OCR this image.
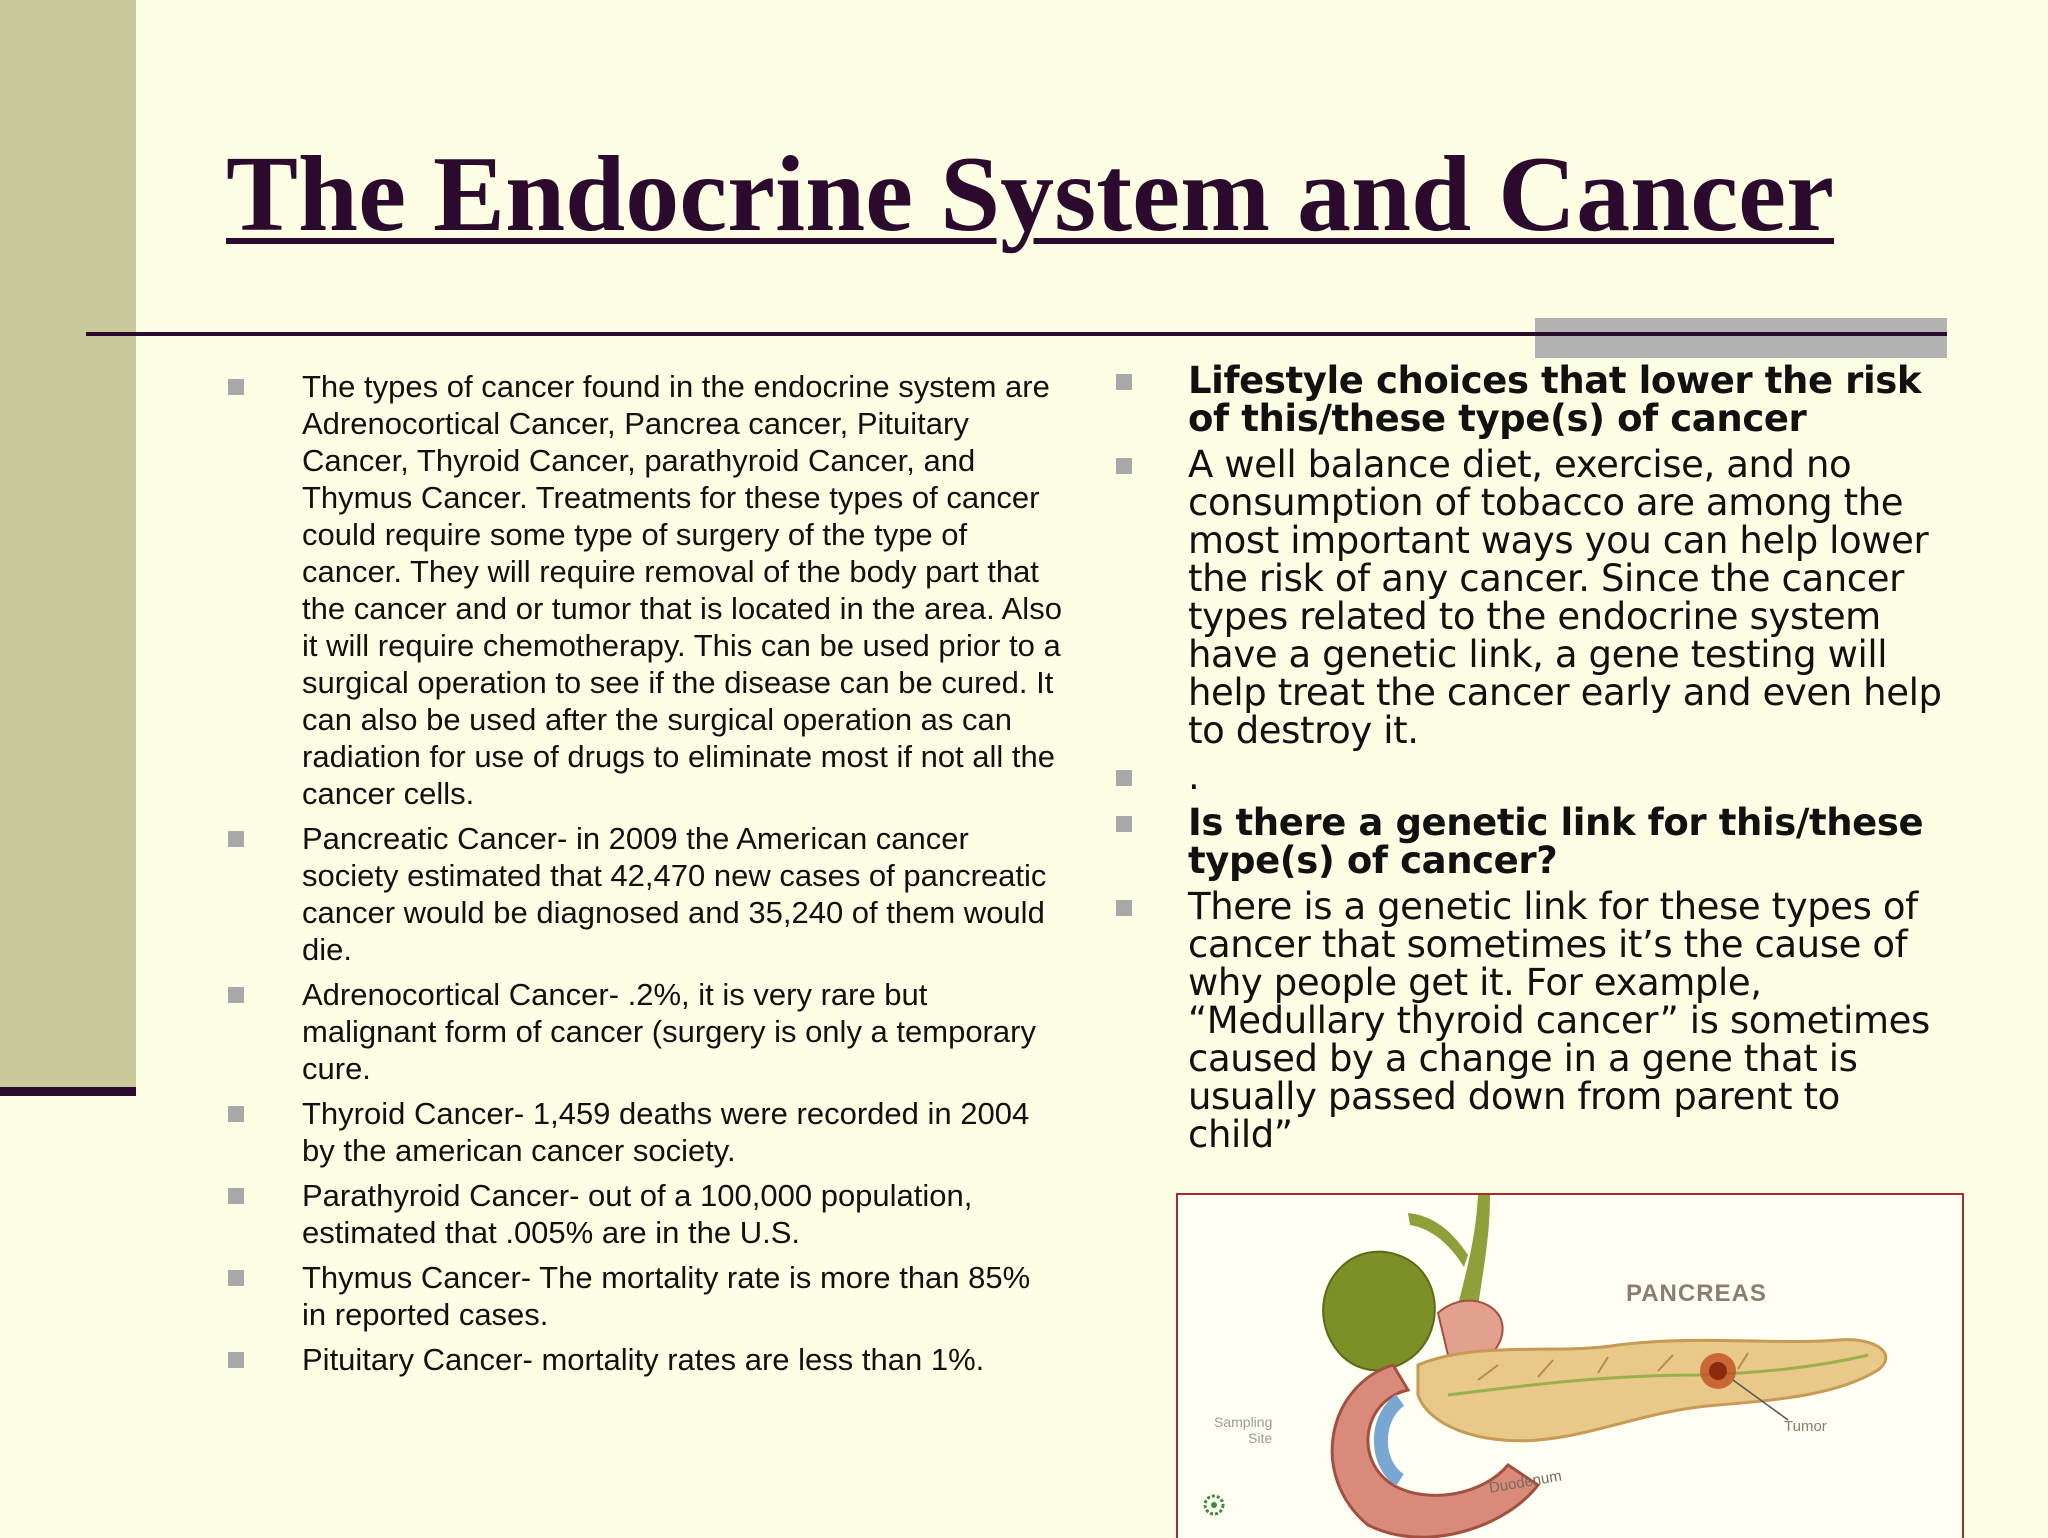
The Endocrine System and Cancer
The types of cancer found in the endocrine system are Adrenocortical Cancer, Pancrea cancer, Pituitary Cancer, Thyroid Cancer, parathyroid Cancer, and Thymus Cancer. Treatments for these types of cancer could require some type of surgery of the type of cancer. They will require removal of the body part that the cancer and or tumor that is located in the area. Also it will require chemotherapy. This can be used prior to a surgical operation to see if the disease can be cured. It can also be used after the surgical operation as can radiation for use of drugs to eliminate most if not all the cancer cells.
Pancreatic Cancer- in 2009 the American cancer society estimated that 42,470 new cases of pancreatic cancer would be diagnosed and 35,240 of them would die.
Adrenocortical Cancer- .2%, it is very rare but malignant form of cancer (surgery is only a temporary cure.
Thyroid Cancer- 1,459 deaths were recorded in 2004 by the american cancer society.
Parathyroid Cancer- out of a 100,000 population, estimated that .005% are in the U.S.
Thymus Cancer- The mortality rate is more than 85% in reported cases.
Pituitary Cancer- mortality rates are less than 1%.
Lifestyle choices that lower the risk of this/these type(s) of cancer
A well balance diet, exercise, and no consumption of tobacco are among the most important ways you can help lower the risk of any cancer. Since the cancer types related to the endocrine system have a genetic link, a gene testing will help treat the cancer early and even help to destroy it.
.
Is there a genetic link for this/these type(s) of cancer?
There is a genetic link for these types of cancer that sometimes it’s the cause of why people get it. For example, “Medullary thyroid cancer” is sometimes caused by a change in a gene that is usually passed down from parent to child”
PANCREAS
Tumor
Sampling
Site
Duodenum
